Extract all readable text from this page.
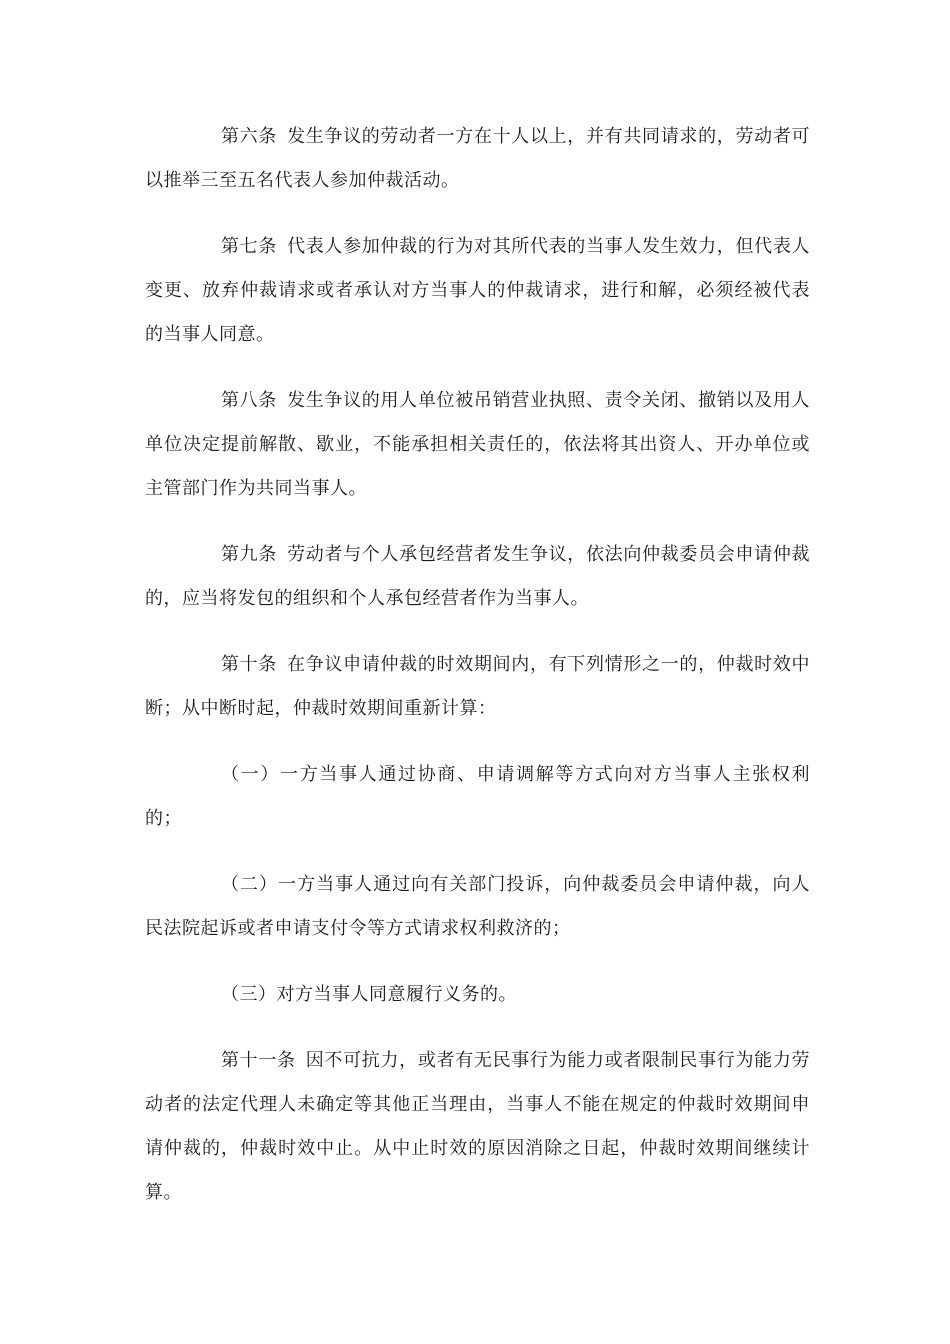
第六条 发生争议的劳动者一方在十人以上，并有共同请求的，劳动者可以推举三至五名代表人参加仲裁活动。

第七条 代表人参加仲裁的行为对其所代表的当事人发生效力，但代表人变更、放弃仲裁请求或者承认对方当事人的仲裁请求，进行和解，必须经被代表的当事人同意。

第八条 发生争议的用人单位被吊销营业执照、责令关闭、撤销以及用人单位决定提前解散、歇业，不能承担相关责任的，依法将其出资人、开办单位或主管部门作为共同当事人。

第九条 劳动者与个人承包经营者发生争议，依法向仲裁委员会申请仲裁的，应当将发包的组织和个人承包经营者作为当事人。

第十条 在争议申请仲裁的时效期间内，有下列情形之一的，仲裁时效中断；从中断时起，仲裁时效期间重新计算：

（一）一方当事人通过协商、申请调解等方式向对方当事人主张权利的；

（二）一方当事人通过向有关部门投诉，向仲裁委员会申请仲裁，向人民法院起诉或者申请支付令等方式请求权利救济的；

（三）对方当事人同意履行义务的。

第十一条 因不可抗力，或者有无民事行为能力或者限制民事行为能力劳动者的法定代理人未确定等其他正当理由，当事人不能在规定的仲裁时效期间申请仲裁的，仲裁时效中止。从中止时效的原因消除之日起，仲裁时效期间继续计算。
